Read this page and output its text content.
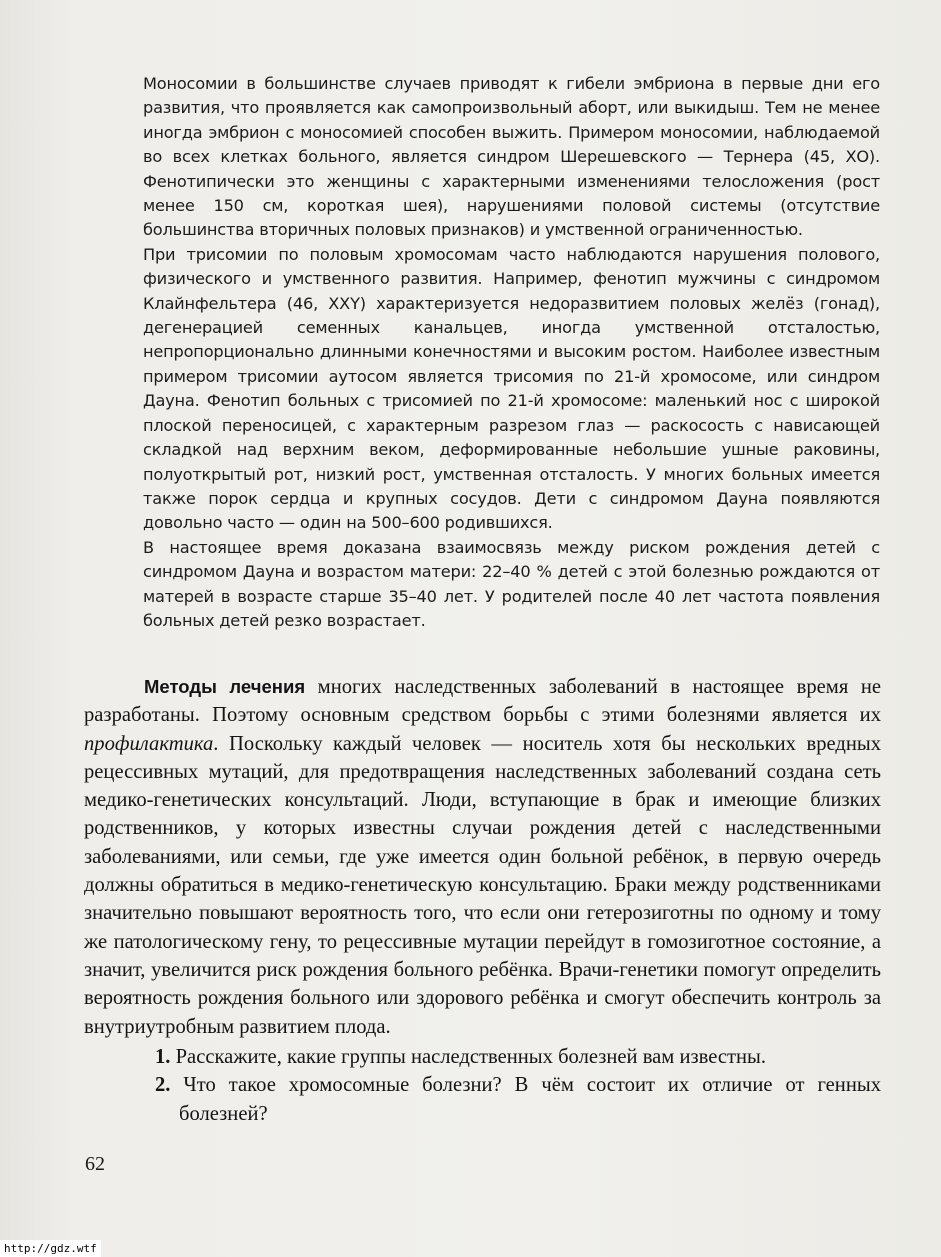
Моносомии в большинстве случаев приводят к гибели эмбриона в первые дни его развития, что проявляется как самопроизвольный аборт, или выкидыш. Тем не менее иногда эмбрион с моносомией способен выжить. Примером моносомии, наблюдаемой во всех клетках больного, является синдром Шерешевского — Тернера (45, ХО). Фенотипически это женщины с характерными изменениями телосложения (рост менее 150 см, короткая шея), нарушениями половой системы (отсутствие большинства вторичных половых признаков) и умственной ограниченностью.

При трисомии по половым хромосомам часто наблюдаются нарушения полового, физического и умственного развития. Например, фенотип мужчины с синдромом Клайнфельтера (46, XXY) характеризуется недоразвитием половых желёз (гонад), дегенерацией семенных канальцев, иногда умственной отсталостью, непропорционально длинными конечностями и высоким ростом. Наиболее известным примером трисомии аутосом является трисомия по 21-й хромосоме, или синдром Дауна. Фенотип больных с трисомией по 21-й хромосоме: маленький нос с широкой плоской переносицей, с характерным разрезом глаз — раскосость с нависающей складкой над верхним веком, деформированные небольшие ушные раковины, полуоткрытый рот, низкий рост, умственная отсталость. У многих больных имеется также порок сердца и крупных сосудов. Дети с синдромом Дауна появляются довольно часто — один на 500–600 родившихся.

В настоящее время доказана взаимосвязь между риском рождения детей с синдромом Дауна и возрастом матери: 22–40 % детей с этой болезнью рождаются от матерей в возрасте старше 35–40 лет. У родителей после 40 лет частота появления больных детей резко возрастает.

Методы лечения многих наследственных заболеваний в настоящее время не разработаны. Поэтому основным средством борьбы с этими болезнями является их профилактика. Поскольку каждый человек — носитель хотя бы нескольких вредных рецессивных мутаций, для предотвращения наследственных заболеваний создана сеть медико-генетических консультаций. Люди, вступающие в брак и имеющие близких родственников, у которых известны случаи рождения детей с наследственными заболеваниями, или семьи, где уже имеется один больной ребёнок, в первую очередь должны обратиться в медико-генетическую консультацию. Браки между родственниками значительно повышают вероятность того, что если они гетерозиготны по одному и тому же патологическому гену, то рецессивные мутации перейдут в гомозиготное состояние, а значит, увеличится риск рождения больного ребёнка. Врачи-генетики помогут определить вероятность рождения больного или здорового ребёнка и смогут обеспечить контроль за внутриутробным развитием плода.

1. Расскажите, какие группы наследственных болезней вам известны.
2. Что такое хромосомные болезни? В чём состоит их отличие от генных болезней?
62
http://gdz.wtf
